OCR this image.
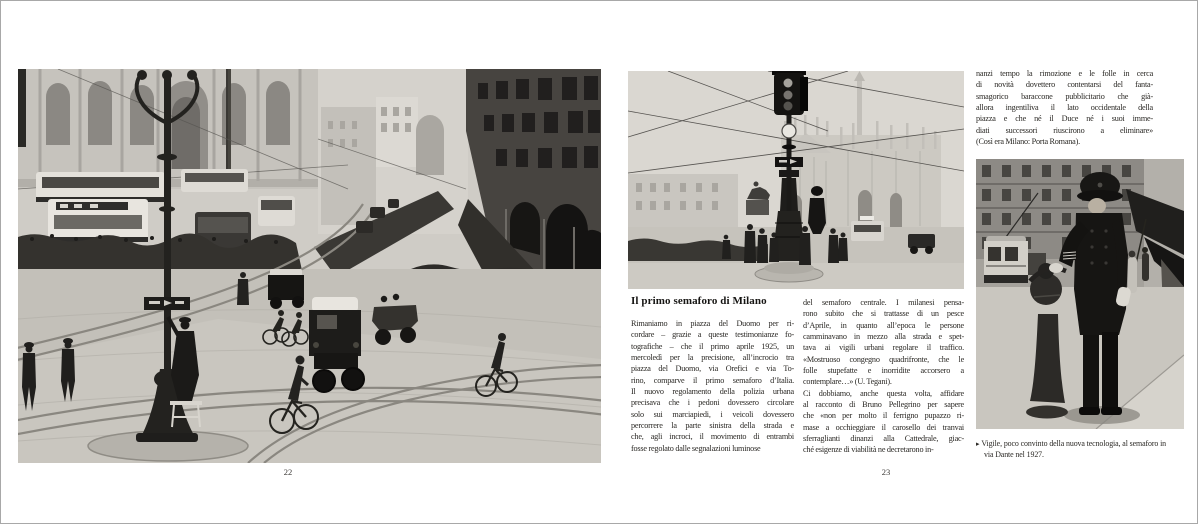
22
Il primo semaforo di Milano
Rimaniamo in piazza del Duomo per ri-
cordare – grazie a queste testimonianze fo-
tografiche – che il primo aprile 1925, un
mercoledì per la precisione, all’incrocio tra
piazza del Duomo, via Orefici e via To-
rino, comparve il primo semaforo d’Italia.
Il nuovo regolamento della polizia urbana
precisava che i pedoni dovessero circolare
solo sui marciapiedi, i veicoli dovessero
percorrere la parte sinistra della strada e
che, agli incroci, il movimento di entrambi
fosse regolato dalle segnalazioni luminose
del semaforo centrale. I milanesi pensa-
rono subito che si trattasse di un pesce
d’Aprile, in quanto all’epoca le persone
camminavano in mezzo alla strada e spet-
tava ai vigili urbani regolare il traffico.
«Mostruoso congegno quadrifronte, che le
folle stupefatte e inorridite accorsero a
contemplare…» (U. Tegani).
Ci dobbiamo, anche questa volta, affidare
al racconto di Bruno Pellegrino per sapere
che «non per molto il ferrigno pupazzo ri-
mase a occhieggiare il carosello dei tranvai
sferraglianti dinanzi alla Cattedrale, giac-
ché esigenze di viabilità ne decretarono in-
nanzi tempo la rimozione e le folle in cerca
di novità dovettero contentarsi del fanta-
smagorico baraccone pubblicitario che già-
allora ingentiliva il lato occidentale della
piazza e che né il Duce né i suoi imme-
diati successori riuscirono a eliminare»
(Così era Milano: Porta Romana).
▸ Vigile, poco convinto della nuova tecnologia, al semaforo in via Dante nel 1927.
23
